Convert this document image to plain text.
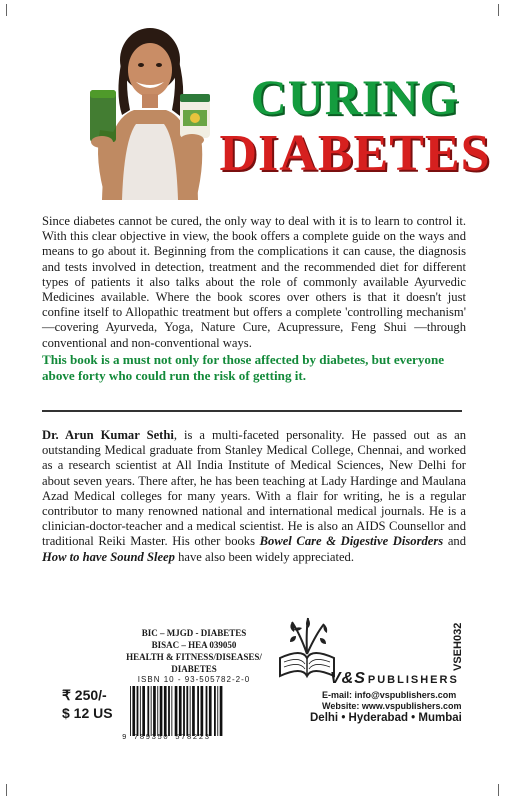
CURING
DIABETES

Since diabetes cannot be cured, the only way to deal with it is to learn to control it. With this clear objective in view, the book offers a complete guide on the ways and means to go about it. Beginning from the complications it can cause, the diagnosis and tests involved in detection, treatment and the recommended diet for different types of patients it also talks about the role of commonly available Ayurvedic Medicines available. Where the book scores over others is that it doesn't just confine itself to Allopathic treatment but offers a complete 'controlling mechanism' —covering Ayurveda, Yoga, Nature Cure, Acupressure, Feng Shui —through conventional and non-conventional ways.

This book is a must not only for those affected by diabetes, but everyone above forty who could run the risk of getting it.

Dr. Arun Kumar Sethi, is a multi-faceted personality. He passed out as an outstanding Medical graduate from Stanley Medical College, Chennai, and worked as a research scientist at All India Institute of Medical Sciences, New Delhi for about seven years. There after, he has been teaching at Lady Hardinge and Maulana Azad Medical colleges for many years. With a flair for writing, he is a regular contributor to many renowned national and international medical journals. He is a clinician-doctor-teacher and a medical scientist. He is also an AIDS Counsellor and traditional Reiki Master. His other books Bowel Care & Digestive Disorders and How to have Sound Sleep have also been widely appreciated.

BIC – MJGD - DIABETES
BISAC – HEA 039050
HEALTH & FITNESS/DISEASES/ DIABETES
ISBN 10 - 93-505782-2-0
₹ 250/-
$ 12 US
9 789350 578223
VSEH032
V&S PUBLISHERS
E-mail: info@vspublishers.com
Website: www.vspublishers.com
Delhi • Hyderabad • Mumbai
